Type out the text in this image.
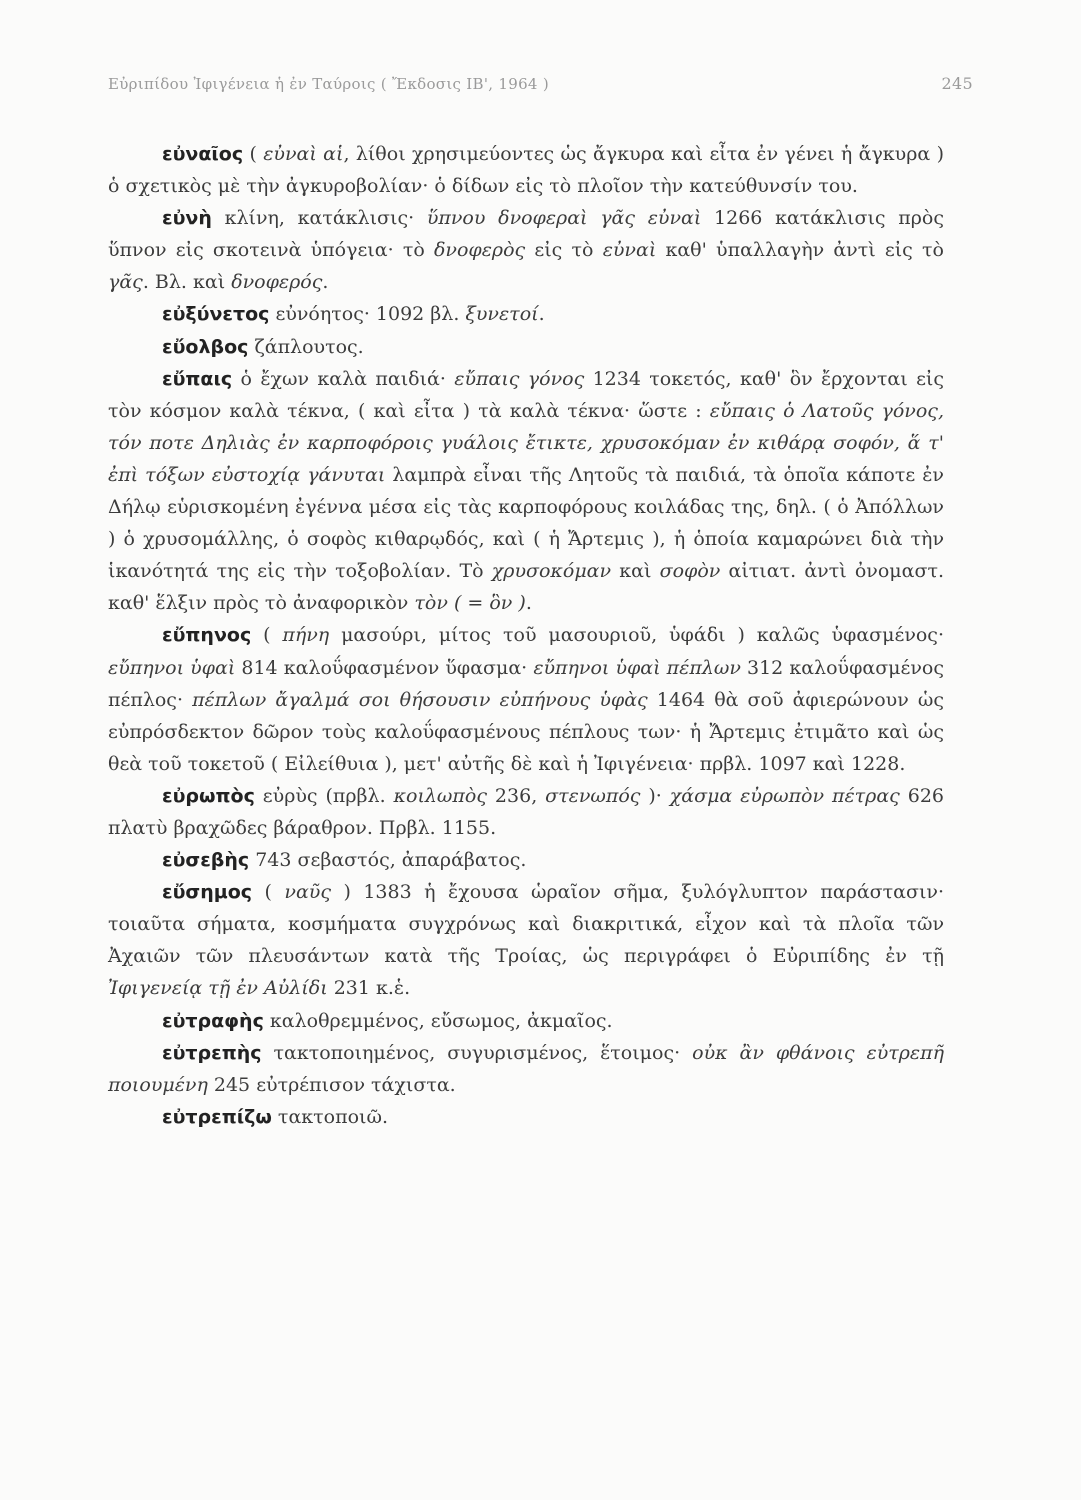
Εὐριπίδου Ἰφιγένεια ἡ ἐν Ταύροις ( Ἔκδοσις ΙΒ', 1964 )	245

εὐναῖος ( εὐναὶ αἱ, λίθοι χρησιμεύοντες ὡς ἄγκυρα καὶ εἶτα ἐν γένει ἡ ἄγκυρα ) ὁ σχετικὸς μὲ τὴν ἀγκυροβολίαν· ὁ δίδων εἰς τὸ πλοῖον τὴν κατεύθυνσίν του.

εὐνὴ κλίνη, κατάκλισις· ὕπνου δνοφεραὶ γᾶς εὐναὶ 1266 κατάκλισις πρὸς ὕπνον εἰς σκοτεινὰ ὑπόγεια· τὸ δνοφερὸς εἰς τὸ εὐναὶ καθ' ὑπαλλαγὴν ἀντὶ εἰς τὸ γᾶς. Βλ. καὶ δνοφερός.

εὐξύνετος εὐνόητος· 1092 βλ. ξυνετοί.

εὔολβος ζάπλουτος.

εὔπαις ὁ ἔχων καλὰ παιδιά· εὔπαις γόνος 1234 τοκετός, καθ' ὃν ἔρχονται εἰς τὸν κόσμον καλὰ τέκνα, ( καὶ εἶτα ) τὰ καλὰ τέκνα· ὥστε : εὔπαις ὁ Λατοῦς γόνος, τόν ποτε Δηλιὰς ἐν καρποφόροις γυάλοις ἔτικτε, χρυσοκόμαν ἐν κιθάρᾳ σοφόν, ἅ τ' ἐπὶ τόξων εὐστοχίᾳ γάνυται λαμπρὰ εἶναι τῆς Λητοῦς τὰ παιδιά, τὰ ὁποῖα κάποτε ἐν Δήλῳ εὑρισκομένη ἐγέννα μέσα εἰς τὰς καρποφόρους κοιλάδας της, δηλ. ( ὁ Ἀπόλλων ) ὁ χρυσομάλλης, ὁ σοφὸς κιθαρῳδός, καὶ ( ἡ Ἄρτεμις ), ἡ ὁποία καμαρώνει διὰ τὴν ἱκανότητά της εἰς τὴν τοξοβολίαν. Τὸ χρυσοκόμαν καὶ σοφὸν αἰτιατ. ἀντὶ ὀνομαστ. καθ' ἕλξιν πρὸς τὸ ἀναφορικὸν τὸν ( = ὃν ).

εὔπηνος ( πήνη μασούρι, μίτος τοῦ μασουριοῦ, ὑφάδι ) καλῶς ὑφασμένος· εὔπηνοι ὑφαὶ 814 καλοΰφασμένον ὕφασμα· εὔπηνοι ὑφαὶ πέπλων 312 καλοΰφασμένος πέπλος· πέπλων ἄγαλμά σοι θήσουσιν εὐπήνους ὑφὰς 1464 θὰ σοῦ ἀφιερώνουν ὡς εὐπρόσδεκτον δῶρον τοὺς καλοΰφασμένους πέπλους των· ἡ Ἄρτεμις ἐτιμᾶτο καὶ ὡς θεὰ τοῦ τοκετοῦ ( Εἰλείθυια ), μετ' αὐτῆς δὲ καὶ ἡ Ἰφιγένεια· πρβλ. 1097 καὶ 1228.

εὐρωπὸς εὐρὺς (πρβλ. κοιλωπὸς 236, στενωπός )· χάσμα εὐρωπὸν πέτρας 626 πλατὺ βραχῶδες βάραθρον. Πρβλ. 1155.

εὐσεβὴς 743 σεβαστός, ἀπαράβατος.

εὔσημος ( ναῦς ) 1383 ἡ ἔχουσα ὡραῖον σῆμα, ξυλόγλυπτον παράστασιν· τοιαῦτα σήματα, κοσμήματα συγχρόνως καὶ διακριτικά, εἶχον καὶ τὰ πλοῖα τῶν Ἀχαιῶν τῶν πλευσάντων κατὰ τῆς Τροίας, ὡς περιγράφει ὁ Εὐριπίδης ἐν τῇ Ἰφιγενείᾳ τῇ ἐν Αὐλίδι 231 κ.ἑ.

εὐτραφὴς καλοθρεμμένος, εὔσωμος, ἀκμαῖος.

εὐτρεπὴς τακτοποιημένος, συγυρισμένος, ἕτοιμος· οὐκ ἂν φθάνοις εὐτρεπῆ ποιουμένη 245 εὐτρέπισον τάχιστα.

εὐτρεπίζω τακτοποιῶ.
